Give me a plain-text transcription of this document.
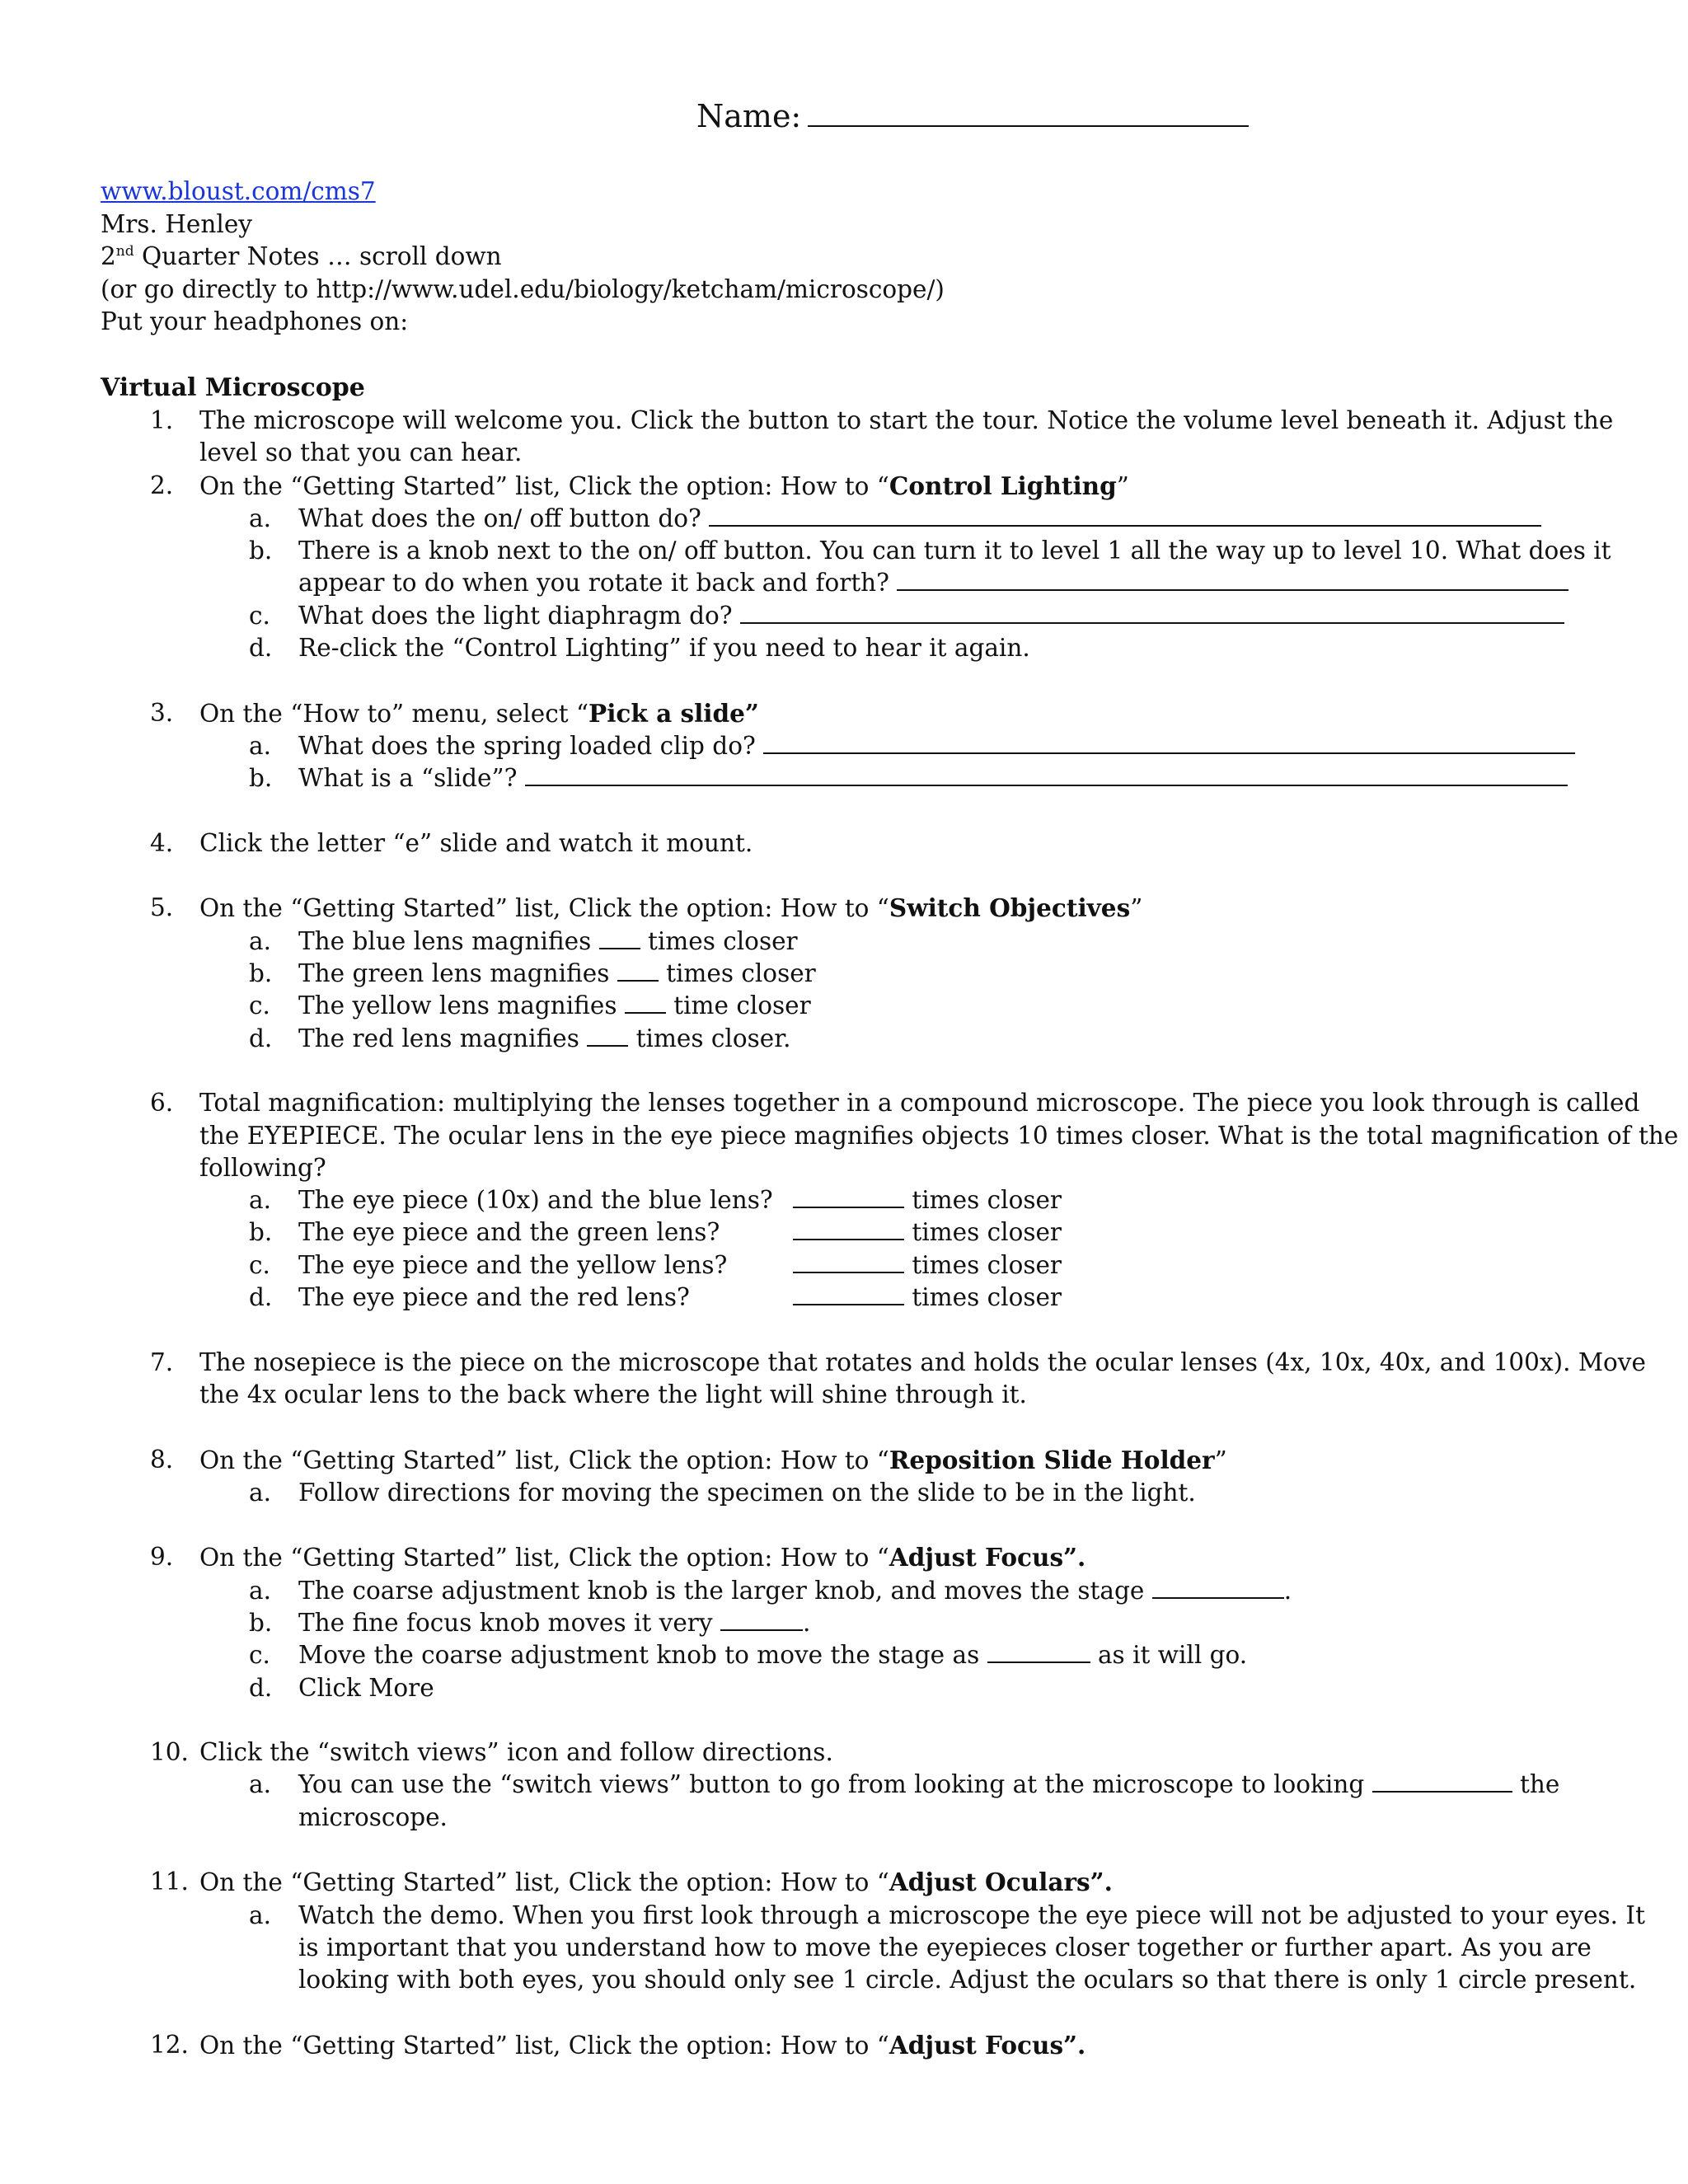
Name:
www.bloust.com/cms7
Mrs. Henley
2nd Quarter Notes … scroll down
(or go directly to http://www.udel.edu/biology/ketcham/microscope/)
Put your headphones on:
Virtual Microscope
1. The microscope will welcome you. Click the button to start the tour. Notice the volume level beneath it. Adjust the
level so that you can hear.
2. On the “Getting Started” list, Click the option: How to “Control Lighting”
a. What does the on/ off button do?
b. There is a knob next to the on/ off button. You can turn it to level 1 all the way up to level 10. What does it
appear to do when you rotate it back and forth?
c. What does the light diaphragm do?
d. Re-click the “Control Lighting” if you need to hear it again.
3. On the “How to” menu, select “Pick a slide”
a. What does the spring loaded clip do?
b. What is a “slide”?
4. Click the letter “e” slide and watch it mount.
5. On the “Getting Started” list, Click the option: How to “Switch Objectives”
a. The blue lens magnifies  times closer
b. The green lens magnifies  times closer
c. The yellow lens magnifies  time closer
d. The red lens magnifies  times closer.
6. Total magnification: multiplying the lenses together in a compound microscope. The piece you look through is called
the EYEPIECE. The ocular lens in the eye piece magnifies objects 10 times closer. What is the total magnification of the
following?
a. The eye piece (10x) and the blue lens?	times closer
b. The eye piece and the green lens?	times closer
c. The eye piece and the yellow lens?	times closer
d. The eye piece and the red lens?	times closer
7. The nosepiece is the piece on the microscope that rotates and holds the ocular lenses (4x, 10x, 40x, and 100x). Move
the 4x ocular lens to the back where the light will shine through it.
8. On the “Getting Started” list, Click the option: How to “Reposition Slide Holder”
a. Follow directions for moving the specimen on the slide to be in the light.
9. On the “Getting Started” list, Click the option: How to “Adjust Focus”.
a. The coarse adjustment knob is the larger knob, and moves the stage	.
b. The fine focus knob moves it very	.
c. Move the coarse adjustment knob to move the stage as	as it will go.
d. Click More
10. Click the “switch views” icon and follow directions.
a. You can use the “switch views” button to go from looking at the microscope to looking	the
microscope.
11. On the “Getting Started” list, Click the option: How to “Adjust Oculars”.
a. Watch the demo. When you first look through a microscope the eye piece will not be adjusted to your eyes. It
is important that you understand how to move the eyepieces closer together or further apart. As you are
looking with both eyes, you should only see 1 circle. Adjust the oculars so that there is only 1 circle present.
12. On the “Getting Started” list, Click the option: How to “Adjust Focus”.
